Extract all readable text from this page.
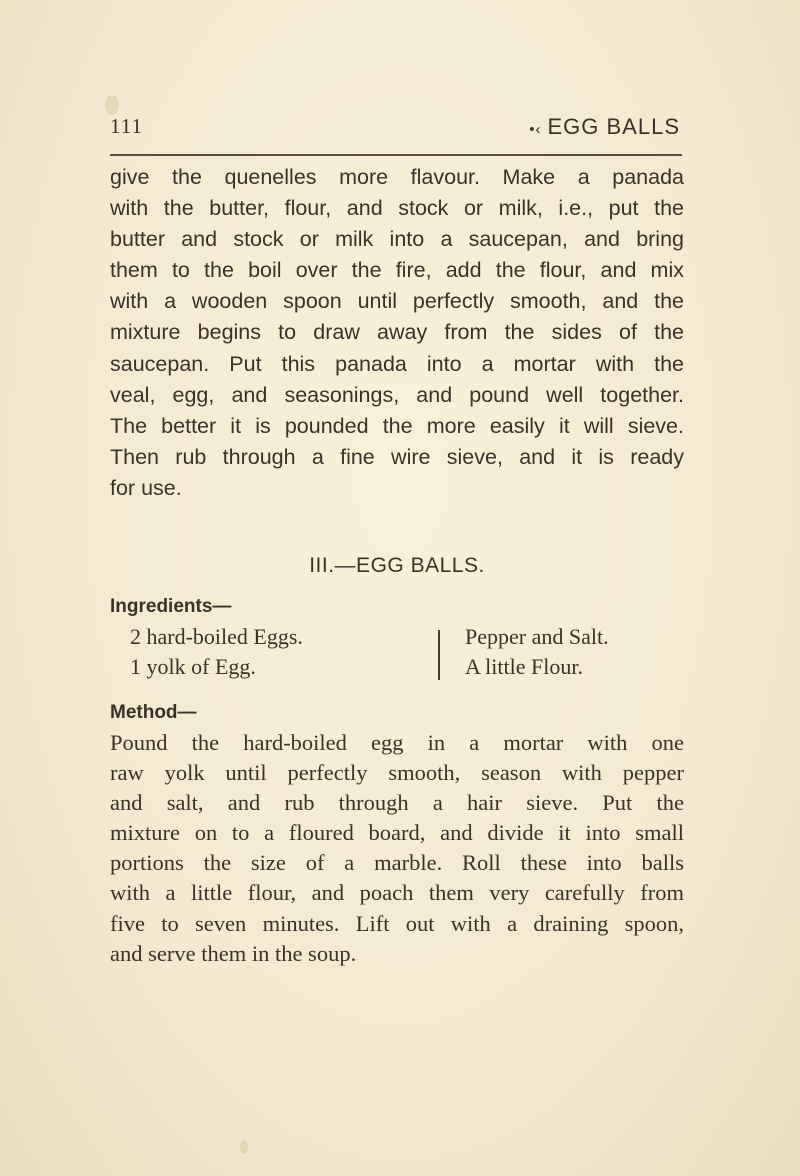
111	•‹ EGG BALLS
give the quenelles more flavour. Make a panada
with the butter, flour, and stock or milk, i.e., put the
butter and stock or milk into a saucepan, and bring
them to the boil over the fire, add the flour, and mix
with a wooden spoon until perfectly smooth, and the
mixture begins to draw away from the sides of the
saucepan. Put this panada into a mortar with the
veal, egg, and seasonings, and pound well together.
The better it is pounded the more easily it will sieve.
Then rub through a fine wire sieve, and it is ready
for use.
III.—EGG BALLS.
Ingredients—
2 hard-boiled Eggs.
1 yolk of Egg.
Pepper and Salt.
A little Flour.
Method—
Pound the hard-boiled egg in a mortar with one
raw yolk until perfectly smooth, season with pepper
and salt, and rub through a hair sieve. Put the
mixture on to a floured board, and divide it into small
portions the size of a marble. Roll these into balls
with a little flour, and poach them very carefully from
five to seven minutes. Lift out with a draining spoon,
and serve them in the soup.
